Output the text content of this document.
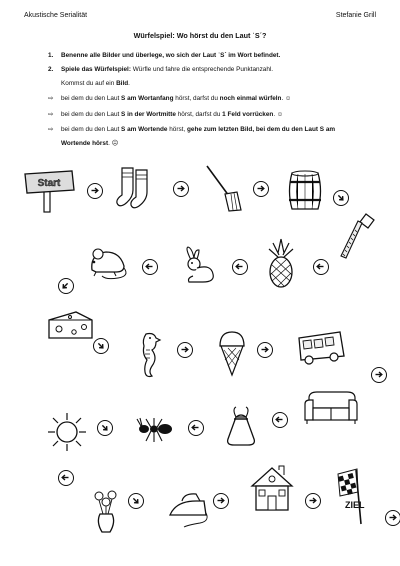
Akustische Serialität	Stefanie Grill
Würfelspiel: Wo hörst du den Laut ˈSˊ?
1.	Benenne alle Bilder und überlege, wo sich der Laut ˈSˊ im Wort befindet.
2.	Spiele das Würfelspiel: Würfle und fahre die entsprechende Punktanzahl.
Kommst du auf ein Bild.
⇨	bei dem du den Laut S am Wortanfang hörst, darfst du noch einmal würfeln. ☺
⇨	bei dem du den Laut S in der Wortmitte hörst, darfst du 1 Feld vorrücken. ☺
⇨	bei dem du den Laut S am Wortende hörst, gehe zum letzten Bild, bei dem du den Laut S am
Wortende hörst. ☹
Start
ZIEL
